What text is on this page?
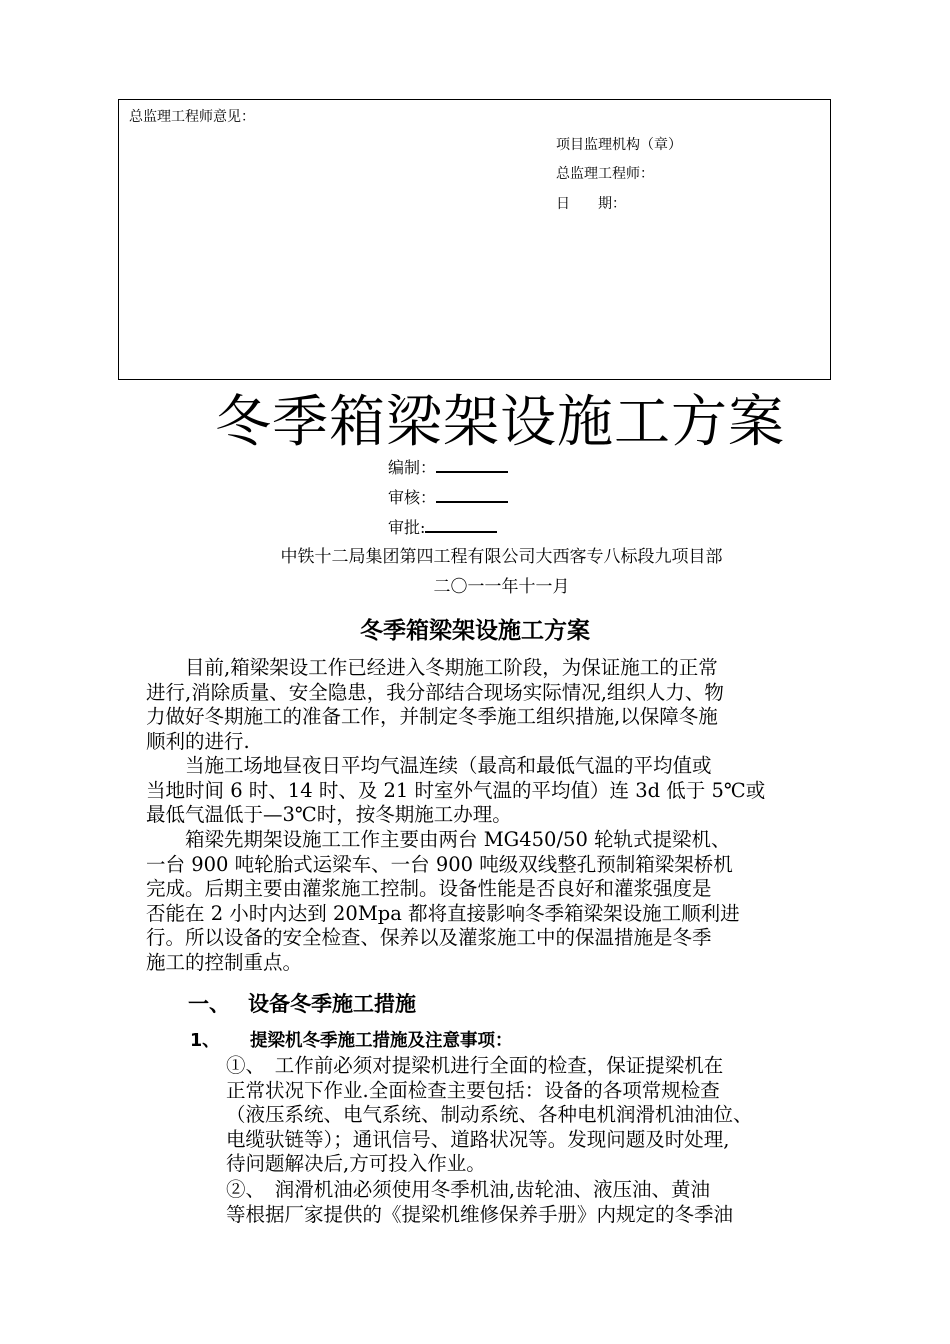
总监理工程师意见：
项目监理机构（章）
总监理工程师：
日　　期：
冬季箱梁架设施工方案
编制：
审核：
审批:
中铁十二局集团第四工程有限公司大西客专八标段九项目部
二〇一一年十一月
冬季箱梁架设施工方案
　　目前,箱梁架设工作已经进入冬期施工阶段，为保证施工的正常
进行,消除质量、安全隐患，我分部结合现场实际情况,组织人力、物
力做好冬期施工的准备工作，并制定冬季施工组织措施,以保障冬施
顺利的进行.
　　当施工场地昼夜日平均气温连续（最高和最低气温的平均值或
当地时间 6 时、14 时、及 21 时室外气温的平均值）连 3d 低于 5℃或
最低气温低于—3℃时，按冬期施工办理。
　　箱梁先期架设施工工作主要由两台 MG450/50 轮轨式提梁机、
一台 900 吨轮胎式运梁车、一台 900 吨级双线整孔预制箱梁架桥机
完成。后期主要由灌浆施工控制。设备性能是否良好和灌浆强度是
否能在 2 小时内达到 20Mpa 都将直接影响冬季箱梁架设施工顺利进
行。所以设备的安全检查、保养以及灌浆施工中的保温措施是冬季
施工的控制重点。
一、 设备冬季施工措施
1、 提梁机冬季施工措施及注意事项：
①、　工作前必须对提梁机进行全面的检查，保证提梁机在
正常状况下作业.全面检查主要包括：设备的各项常规检查
（液压系统、电气系统、制动系统、各种电机润滑机油油位、
电缆驮链等）；通讯信号、道路状况等。发现问题及时处理,
待问题解决后,方可投入作业。
②、　润滑机油必须使用冬季机油,齿轮油、液压油、黄油
等根据厂家提供的《提梁机维修保养手册》内规定的冬季油
